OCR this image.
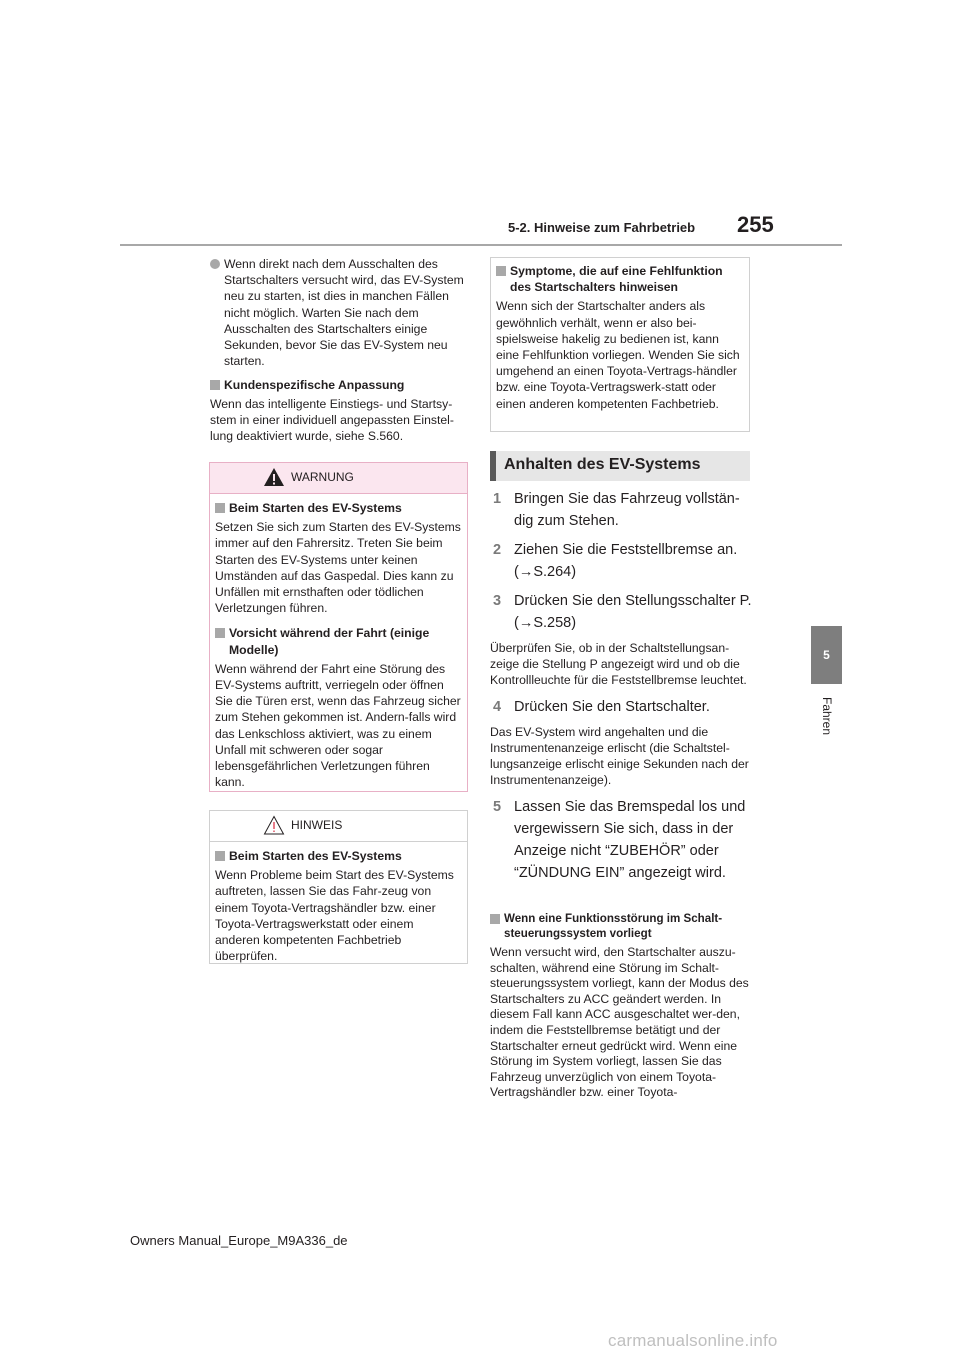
5-2. Hinweise zum Fahrbetrieb 255
5
Fahren
Wenn direkt nach dem Ausschalten des Startschalters versucht wird, das EV-System neu zu starten, ist dies in manchen Fällen nicht möglich. Warten Sie nach dem Ausschalten des Startschalters einige Sekunden, bevor Sie das EV-System neu starten.
Kundenspezifische Anpassung
Wenn das intelligente Einstiegs- und Startsy-stem in einer individuell angepassten Einstel-lung deaktiviert wurde, siehe S.560.
WARNUNG
Beim Starten des EV-Systems
Setzen Sie sich zum Starten des EV-Systems immer auf den Fahrersitz. Treten Sie beim Starten des EV-Systems unter keinen Umständen auf das Gaspedal. Dies kann zu Unfällen mit ernsthaften oder tödlichen Verletzungen führen.
Vorsicht während der Fahrt (einige Modelle)
Wenn während der Fahrt eine Störung des EV-Systems auftritt, verriegeln oder öffnen Sie die Türen erst, wenn das Fahrzeug sicher zum Stehen gekommen ist. Andern-falls wird das Lenkschloss aktiviert, was zu einem Unfall mit schweren oder sogar lebensgefährlichen Verletzungen führen kann.
HINWEIS
Beim Starten des EV-Systems
Wenn Probleme beim Start des EV-Systems auftreten, lassen Sie das Fahr-zeug von einem Toyota-Vertragshändler bzw. einer Toyota-Vertragswerkstatt oder einem anderen kompetenten Fachbetrieb überprüfen.
Symptome, die auf eine Fehlfunktion des Startschalters hinweisen
Wenn sich der Startschalter anders als gewöhnlich verhält, wenn er also bei-spielsweise hakelig zu bedienen ist, kann eine Fehlfunktion vorliegen. Wenden Sie sich umgehend an einen Toyota-Vertrags-händler bzw. eine Toyota-Vertragswerk-statt oder einen anderen kompetenten Fachbetrieb.
Anhalten des EV-Systems
1 Bringen Sie das Fahrzeug vollstän-dig zum Stehen.
2 Ziehen Sie die Feststellbremse an. (→S.264)
3 Drücken Sie den Stellungsschalter P. (→S.258)
Überprüfen Sie, ob in der Schaltstellungsan-zeige die Stellung P angezeigt wird und ob die Kontrollleuchte für die Feststellbremse leuchtet.
4 Drücken Sie den Startschalter.
Das EV-System wird angehalten und die Instrumentenanzeige erlischt (die Schaltstel-lungsanzeige erlischt einige Sekunden nach der Instrumentenanzeige).
5 Lassen Sie das Bremspedal los und vergewissern Sie sich, dass in der Anzeige nicht “ZUBEHÖR” oder “ZÜNDUNG EIN” angezeigt wird.
Wenn eine Funktionsstörung im Schalt-steuerungssystem vorliegt
Wenn versucht wird, den Startschalter auszu-schalten, während eine Störung im Schalt-steuerungssystem vorliegt, kann der Modus des Startschalters zu ACC geändert werden. In diesem Fall kann ACC ausgeschaltet wer-den, indem die Feststellbremse betätigt und der Startschalter erneut gedrückt wird. Wenn eine Störung im System vorliegt, lassen Sie das Fahrzeug unverzüglich von einem Toyota-Vertragshändler bzw. einer Toyota-
Owners Manual_Europe_M9A336_de
carmanualsonline.info
